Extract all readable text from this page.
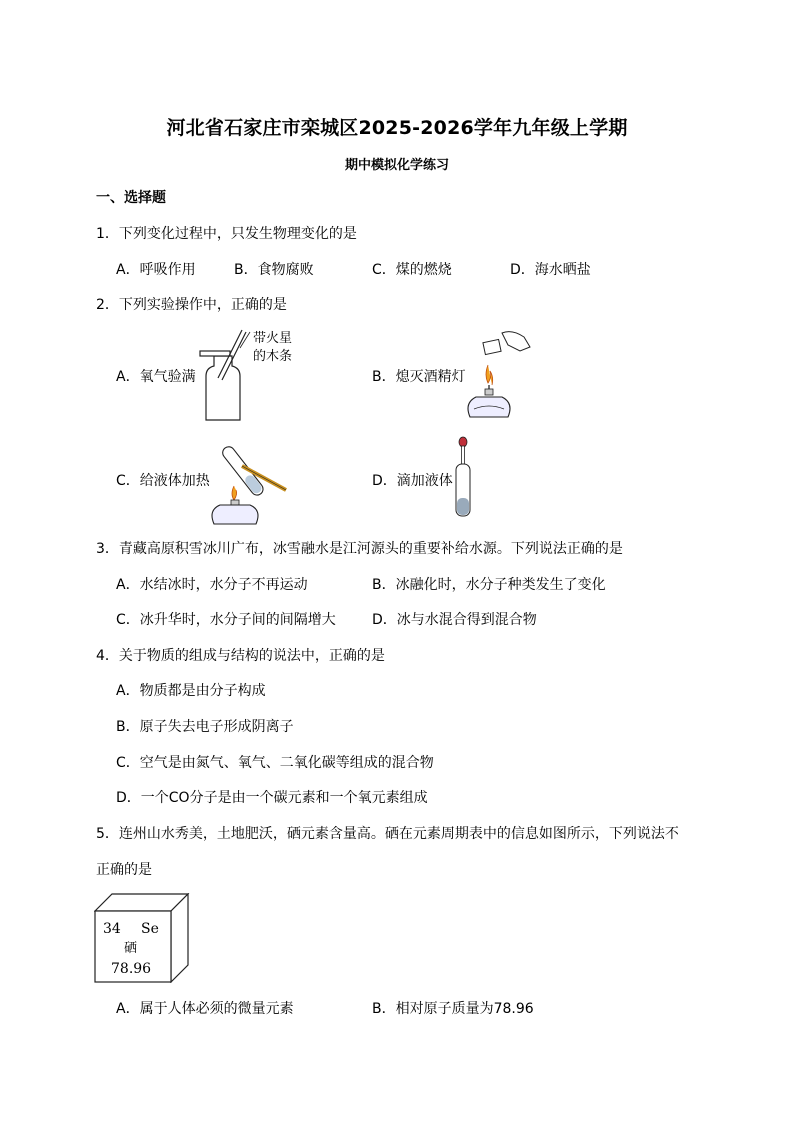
河北省石家庄市栾城区2025-2026学年九年级上学期
期中模拟化学练习
一、选择题
1．下列变化过程中，只发生物理变化的是
A．呼吸作用	B．食物腐败	C．煤的燃烧	D．海水晒盐
2．下列实验操作中，正确的是
A．氧气验满	B．熄灭酒精灯
C．给液体加热	D．滴加液体
带火星
的木条
3．青藏高原积雪冰川广布，冰雪融水是江河源头的重要补给水源。下列说法正确的是
A．水结冰时，水分子不再运动	B．冰融化时，水分子种类发生了变化
C．冰升华时，水分子间的间隔增大	D．冰与水混合得到混合物
4．关于物质的组成与结构的说法中，正确的是
A．物质都是由分子构成
B．原子失去电子形成阴离子
C．空气是由氮气、氧气、二氧化碳等组成的混合物
D．一个CO分子是由一个碳元素和一个氧元素组成
5．连州山水秀美，土地肥沃，硒元素含量高。硒在元素周期表中的信息如图所示，下列说法不
正确的是
34 Se
硒
78.96
A．属于人体必须的微量元素	B．相对原子质量为78.96
